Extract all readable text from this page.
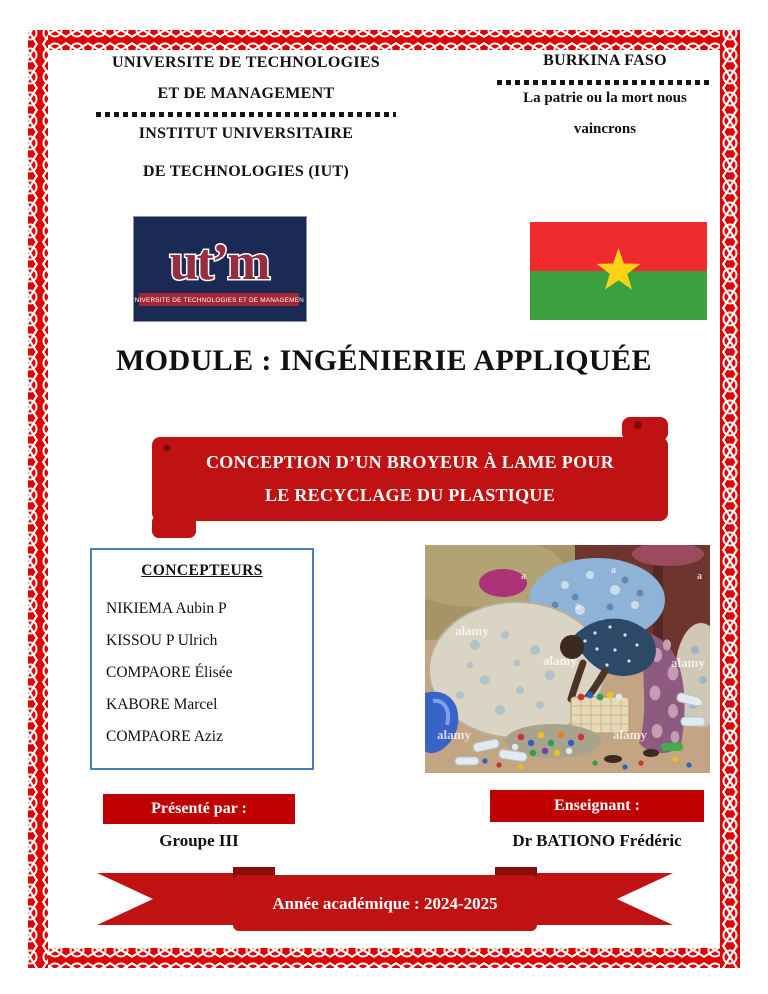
UNIVERSITE DE TECHNOLOGIES
ET DE MANAGEMENT
INSTITUT UNIVERSITAIRE
DE TECHNOLOGIES (IUT)
BURKINA FASO
La patrie ou la mort nous
vaincrons
ut’m
UNIVERSITE DE TECHNOLOGIES ET DE MANAGEMENT
MODULE : INGÉNIERIE APPLIQUÉE
CONCEPTION D’UN BROYEUR À LAME POUR
LE RECYCLAGE DU PLASTIQUE
CONCEPTEURS
NIKIEMA Aubin P
KISSOU P Ulrich
COMPAORE Élisée
KABORE Marcel
COMPAORE Aziz
alamy
alamy	alamy
alamy	alamy
a
a
a
a
a
Présenté par :
Groupe III
Enseignant :
Dr BATIONO Frédéric
Année académique : 2024-2025
